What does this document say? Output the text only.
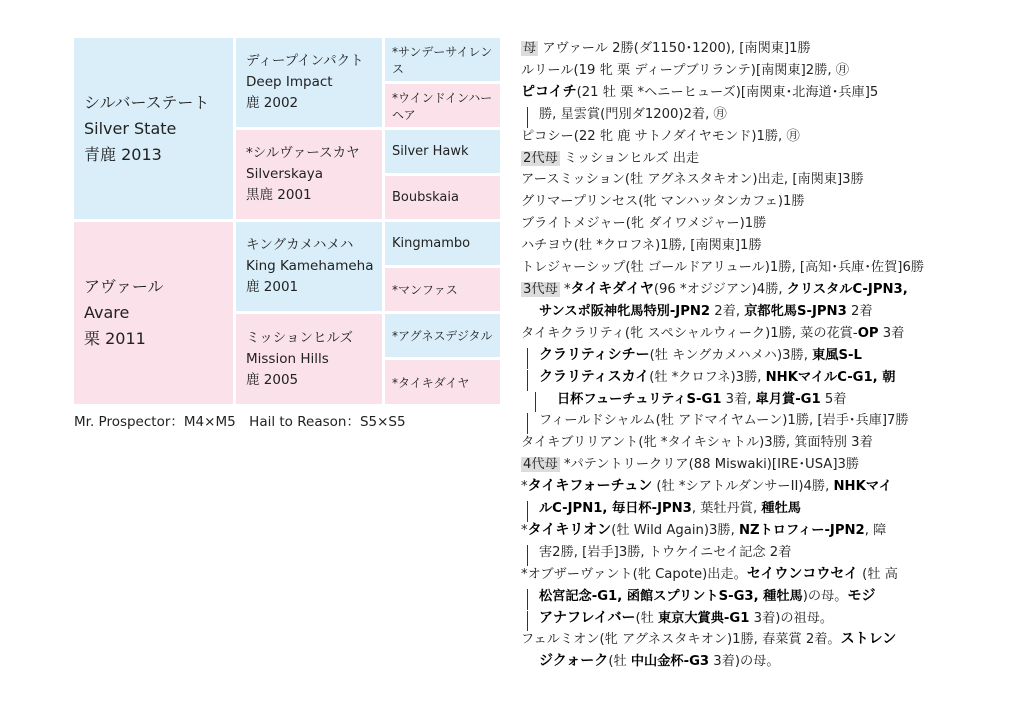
シルバーステート
Silver State
青鹿 2013
アヴァール
Avare
栗 2011
ディープインパクト
Deep Impact
鹿 2002
*シルヴァースカヤ
Silverskaya
黒鹿 2001
キングカメハメハ
King Kamehameha
鹿 2001
ミッションヒルズ
Mission Hills
鹿 2005
*サンデーサイレンス
*ウインドインハーヘア
Silver Hawk
Boubskaia
Kingmambo
*マンファス
*アグネスデジタル
*タイキダイヤ
Mr. Prospector：M4×M5　Hail to Reason：S5×S5
母 アヴァール 2勝(ダ1150･1200), [南関東]1勝
ルリール(19 牝 栗 ディープブリランテ)[南関東]2勝, ㊊
ピコイチ(21 牡 栗 *ヘニーヒューズ)[南関東･北海道･兵庫]5
勝, 星雲賞(門別ダ1200)2着, ㊊
ピコシー(22 牝 鹿 サトノダイヤモンド)1勝, ㊊
2代母 ミッションヒルズ 出走
アースミッション(牡 アグネスタキオン)出走, [南関東]3勝
グリマープリンセス(牝 マンハッタンカフェ)1勝
ブライトメジャー(牝 ダイワメジャー)1勝
ハチヨウ(牡 *クロフネ)1勝, [南関東]1勝
トレジャーシップ(牡 ゴールドアリュール)1勝, [高知･兵庫･佐賀]6勝
3代母 *タイキダイヤ(96 *オジジアン)4勝, クリスタルC-JPN3,
サンスポ阪神牝馬特別-JPN2 2着, 京都牝馬S-JPN3 2着
タイキクラリティ(牝 スペシャルウィーク)1勝, 菜の花賞-OP 3着
クラリティシチー(牡 キングカメハメハ)3勝, 東風S-L
クラリティスカイ(牡 *クロフネ)3勝, NHKマイルC-G1, 朝
日杯フューチュリティS-G1 3着, 皐月賞-G1 5着
フィールドシャルム(牡 アドマイヤムーン)1勝, [岩手･兵庫]7勝
タイキブリリアント(牝 *タイキシャトル)3勝, 箕面特別 3着
4代母 *パテントリークリア(88 Miswaki)[IRE･USA]3勝
*タイキフォーチュン (牡 *シアトルダンサーII)4勝, NHKマイ
ルC-JPN1, 毎日杯-JPN3, 葉牡丹賞, 種牡馬
*タイキリオン(牡 Wild Again)3勝, NZトロフィー-JPN2, 障
害2勝, [岩手]3勝, トウケイニセイ記念 2着
*オブザーヴァント(牝 Capote)出走。セイウンコウセイ (牡 高
松宮記念-G1, 函館スプリントS-G3, 種牡馬)の母。モジ
アナフレイバー(牡 東京大賞典-G1 3着)の祖母。
フェルミオン(牝 アグネスタキオン)1勝, 春菜賞 2着。ストレン
ジクォーク(牡 中山金杯-G3 3着)の母。
